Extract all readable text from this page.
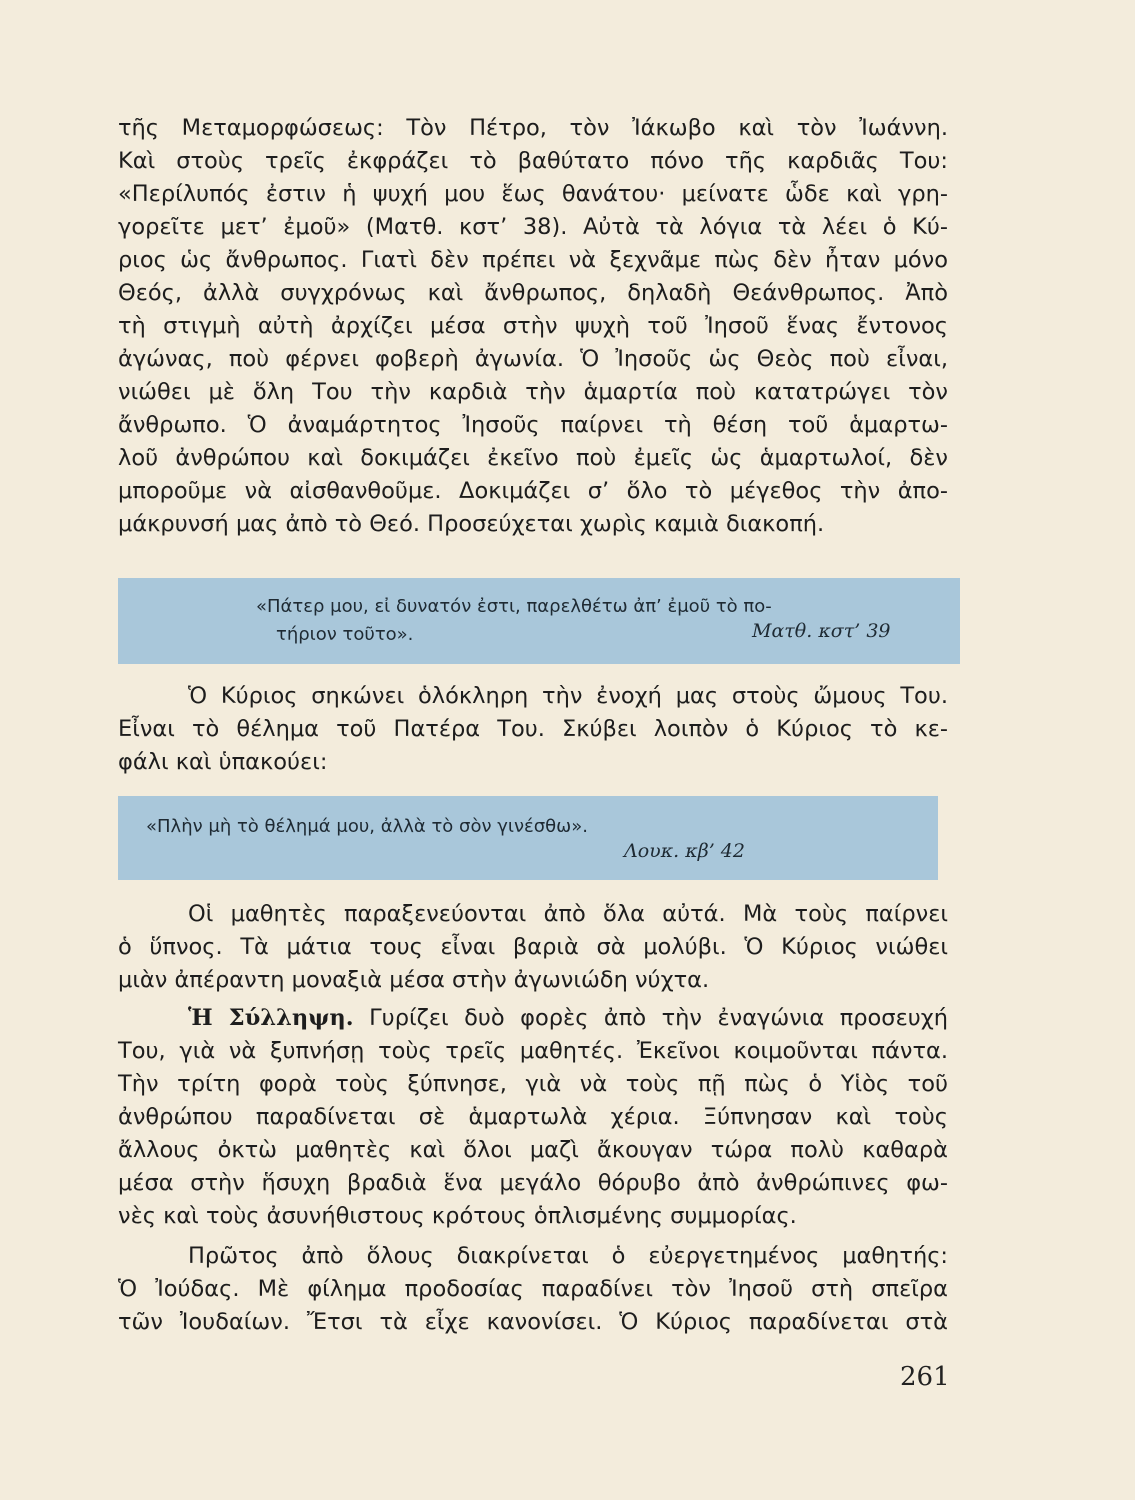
τῆς Μεταμορφώσεως: Τὸν Πέτρο, τὸν Ἰάκωβο καὶ τὸν Ἰωάννη.
Καὶ στοὺς τρεῖς ἐκφράζει τὸ βαθύτατο πόνο τῆς καρδιᾶς Του:
«Περίλυπός ἐστιν ἡ ψυχή μου ἕως θανάτου· μείνατε ὧδε καὶ γρη-
γορεῖτε μετ’ ἐμοῦ» (Ματθ. κστ’ 38). Αὐτὰ τὰ λόγια τὰ λέει ὁ Κύ-
ριος ὡς ἄνθρωπος. Γιατὶ δὲν πρέπει νὰ ξεχνᾶμε πὼς δὲν ἦταν μόνο
Θεός, ἀλλὰ συγχρόνως καὶ ἄνθρωπος, δηλαδὴ Θεάνθρωπος. Ἀπὸ
τὴ στιγμὴ αὐτὴ ἀρχίζει μέσα στὴν ψυχὴ τοῦ Ἰησοῦ ἕνας ἔντονος
ἀγώνας, ποὺ φέρνει φοβερὴ ἀγωνία. Ὁ Ἰησοῦς ὡς Θεὸς ποὺ εἶναι,
νιώθει μὲ ὅλη Του τὴν καρδιὰ τὴν ἁμαρτία ποὺ κατατρώγει τὸν
ἄνθρωπο. Ὁ ἀναμάρτητος Ἰησοῦς παίρνει τὴ θέση τοῦ ἁμαρτω-
λοῦ ἀνθρώπου καὶ δοκιμάζει ἐκεῖνο ποὺ ἐμεῖς ὡς ἁμαρτωλοί, δὲν
μποροῦμε νὰ αἰσθανθοῦμε. Δοκιμάζει σ’ ὅλο τὸ μέγεθος τὴν ἀπο-
μάκρυνσή μας ἀπὸ τὸ Θεό. Προσεύχεται χωρὶς καμιὰ διακοπή.
«Πάτερ μου, εἰ δυνατόν ἐστι, παρελθέτω ἀπ’ ἐμοῦ τὸ πο-
τήριον τοῦτο».	Ματθ. κστ’ 39
Ὁ Κύριος σηκώνει ὁλόκληρη τὴν ἐνοχή μας στοὺς ὤμους Του.
Εἶναι τὸ θέλημα τοῦ Πατέρα Του. Σκύβει λοιπὸν ὁ Κύριος τὸ κε-
φάλι καὶ ὑπακούει:
«Πλὴν μὴ τὸ θέλημά μου, ἀλλὰ τὸ σὸν γινέσθω».
Λουκ. κβ’ 42
Οἱ μαθητὲς παραξενεύονται ἀπὸ ὅλα αὐτά. Μὰ τοὺς παίρνει
ὁ ὕπνος. Τὰ μάτια τους εἶναι βαριὰ σὰ μολύβι. Ὁ Κύριος νιώθει
μιὰν ἀπέραντη μοναξιὰ μέσα στὴν ἀγωνιώδη νύχτα.
Ἡ Σύλληψη. Γυρίζει δυὸ φορὲς ἀπὸ τὴν ἐναγώνια προσευχή
Του, γιὰ νὰ ξυπνήσῃ τοὺς τρεῖς μαθητές. Ἐκεῖνοι κοιμοῦνται πάντα.
Τὴν τρίτη φορὰ τοὺς ξύπνησε, γιὰ νὰ τοὺς πῇ πὼς ὁ Υἱὸς τοῦ
ἀνθρώπου παραδίνεται σὲ ἁμαρτωλὰ χέρια. Ξύπνησαν καὶ τοὺς
ἄλλους ὀκτὼ μαθητὲς καὶ ὅλοι μαζὶ ἄκουγαν τώρα πολὺ καθαρὰ
μέσα στὴν ἥσυχη βραδιὰ ἕνα μεγάλο θόρυβο ἀπὸ ἀνθρώπινες φω-
νὲς καὶ τοὺς ἀσυνήθιστους κρότους ὁπλισμένης συμμορίας.
Πρῶτος ἀπὸ ὅλους διακρίνεται ὁ εὐεργετημένος μαθητής:
Ὁ Ἰούδας. Μὲ φίλημα προδοσίας παραδίνει τὸν Ἰησοῦ στὴ σπεῖρα
τῶν Ἰουδαίων. Ἔτσι τὰ εἶχε κανονίσει. Ὁ Κύριος παραδίνεται στὰ
261
